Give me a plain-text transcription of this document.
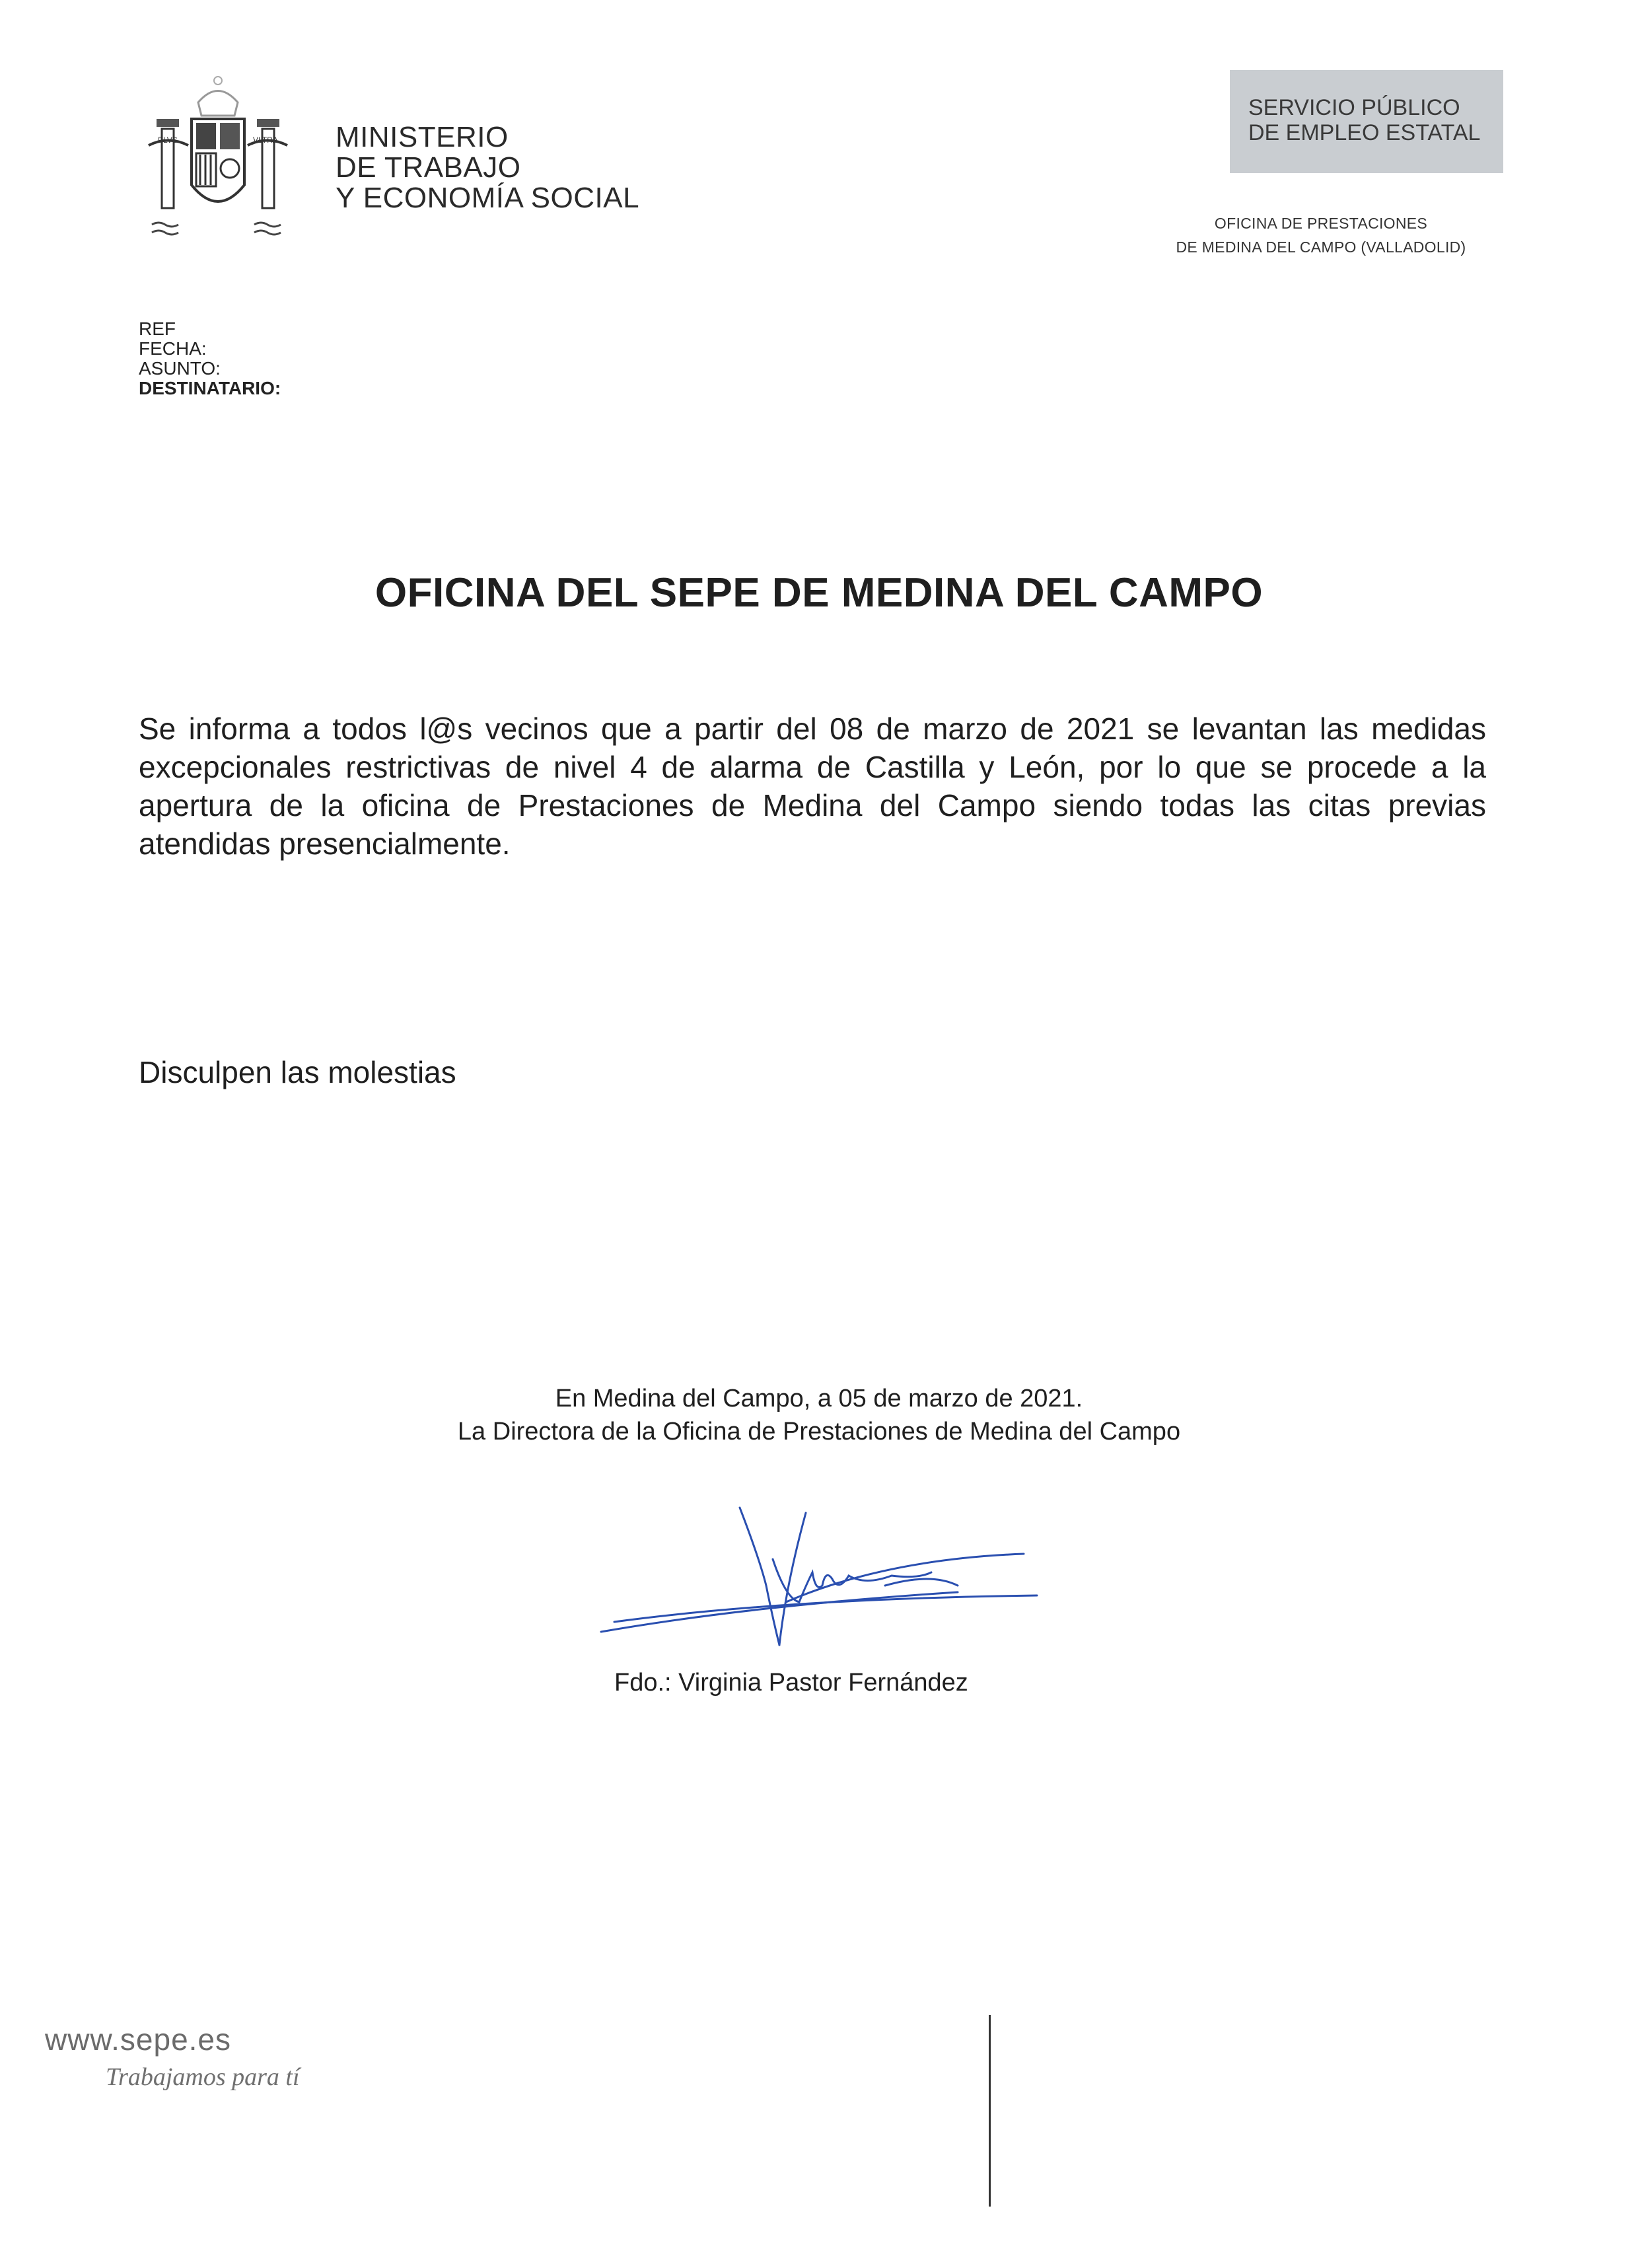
PLVS	VLTRA MINISTERIO
DE TRABAJO
Y ECONOMÍA SOCIAL
SERVICIO PÚBLICO
DE EMPLEO ESTATAL
OFICINA DE PRESTACIONES
DE MEDINA DEL CAMPO (VALLADOLID)
REF
FECHA:
ASUNTO:
DESTINATARIO:
OFICINA DEL SEPE DE MEDINA DEL CAMPO
Se informa a todos l@s vecinos que a partir del 08 de marzo de 2021 se levantan las medidas excepcionales restrictivas de nivel 4 de alarma de Castilla y León, por lo que se procede a la apertura de la oficina de Prestaciones de Medina del Campo siendo todas las citas previas atendidas presencialmente.
Disculpen las molestias
En Medina del Campo, a 05 de marzo de 2021.
La Directora de la Oficina de Prestaciones de Medina del Campo
Fdo.: Virginia Pastor Fernández
www.sepe.es
Trabajamos para tí
